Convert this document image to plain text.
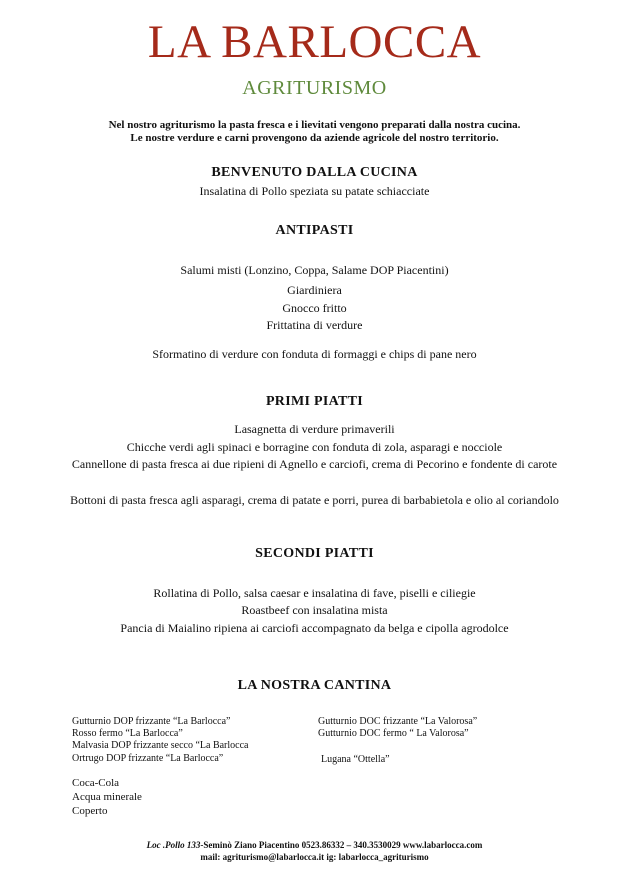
LA BARLOCCA
AGRITURISMO
Nel nostro agriturismo la pasta fresca e i lievitati vengono preparati dalla nostra cucina.
Le nostre verdure e carni provengono da aziende agricole del nostro territorio.
BENVENUTO DALLA CUCINA
Insalatina di Pollo speziata su patate schiacciate
ANTIPASTI
Salumi misti (Lonzino, Coppa, Salame DOP Piacentini)
Giardiniera
Gnocco fritto
Frittatina di verdure
Sformatino di verdure con fonduta di formaggi e chips di pane nero
PRIMI PIATTI
Lasagnetta di verdure primaverili
Chicche verdi agli spinaci e borragine con fonduta di zola, asparagi e nocciole
Cannellone di pasta fresca ai due ripieni di Agnello e carciofi, crema di Pecorino e fondente di carote
Bottoni di pasta fresca agli asparagi, crema di patate e porri, purea di barbabietola e olio al coriandolo
SECONDI PIATTI
Rollatina di Pollo, salsa caesar e insalatina di fave, piselli e ciliegie
Roastbeef con insalatina mista
Pancia di Maialino ripiena ai carciofi accompagnato da belga e cipolla agrodolce
LA NOSTRA CANTINA
Gutturnio DOP frizzante “La Barlocca”
Rosso fermo “La Barlocca”
Malvasia DOP frizzante secco “La Barlocca
Ortrugo DOP frizzante “La Barlocca”
Gutturnio DOC frizzante “La Valorosa”
Gutturnio DOC fermo “ La Valorosa”
Lugana “Ottella”
Coca-Cola
Acqua minerale
Coperto
Loc .Pollo 133-Seminò Ziano Piacentino 0523.86332 – 340.3530029 www.labarlocca.com
mail: agriturismo@labarlocca.it ig: labarlocca_agriturismo
